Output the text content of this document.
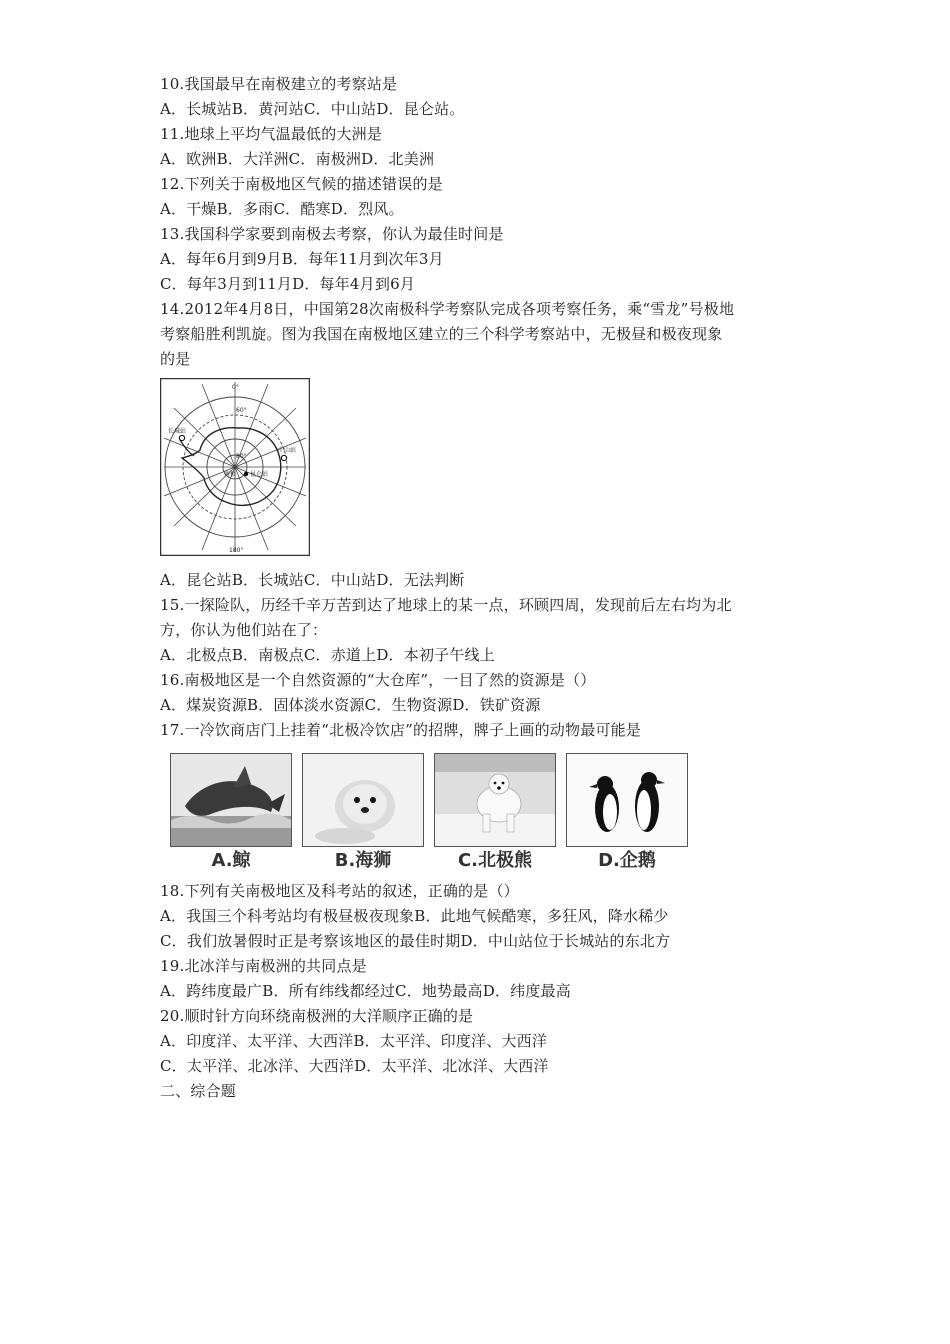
10.我国最早在南极建立的考察站是
A．长城站B．黄河站C．中山站D．昆仑站。
11.地球上平均气温最低的大洲是
A．欧洲B．大洋洲C．南极洲D．北美洲
12.下列关于南极地区气候的描述错误的是
A．干燥B．多雨C．酷寒D．烈风。
13.我国科学家要到南极去考察，你认为最佳时间是
A．每年6月到9月B．每年11月到次年3月
C．每年3月到11月D．每年4月到6月
14.2012年4月8日，中国第28次南极科学考察队完成各项考察任务，乘“雪龙”号极地
考察船胜利凯旋。图为我国在南极地区建立的三个科学考察站中，无极昼和极夜现象
的是
0°
180°
60°
80°
南极
长城站
中山站
昆仑站
A．昆仑站B．长城站C．中山站D．无法判断
15.一探险队，历经千辛万苦到达了地球上的某一点，环顾四周，发现前后左右均为北
方，你认为他们站在了：
A．北极点B．南极点C．赤道上D．本初子午线上
16.南极地区是一个自然资源的“大仓库”，一目了然的资源是（）
A．煤炭资源B．固体淡水资源C．生物资源D．铁矿资源
17.一冷饮商店门上挂着“北极冷饮店”的招牌，牌子上画的动物最可能是
A.鲸	B.海狮	C.北极熊	D.企鹅
18.下列有关南极地区及科考站的叙述，正确的是（）
A．我国三个科考站均有极昼极夜现象B．此地气候酷寒，多狂风，降水稀少
C．我们放暑假时正是考察该地区的最佳时期D．中山站位于长城站的东北方
19.北冰洋与南极洲的共同点是
A．跨纬度最广B．所有纬线都经过C．地势最高D．纬度最高
20.顺时针方向环绕南极洲的大洋顺序正确的是
A．印度洋、太平洋、大西洋B．太平洋、印度洋、大西洋
C．太平洋、北冰洋、大西洋D．太平洋、北冰洋、大西洋
二、综合题
